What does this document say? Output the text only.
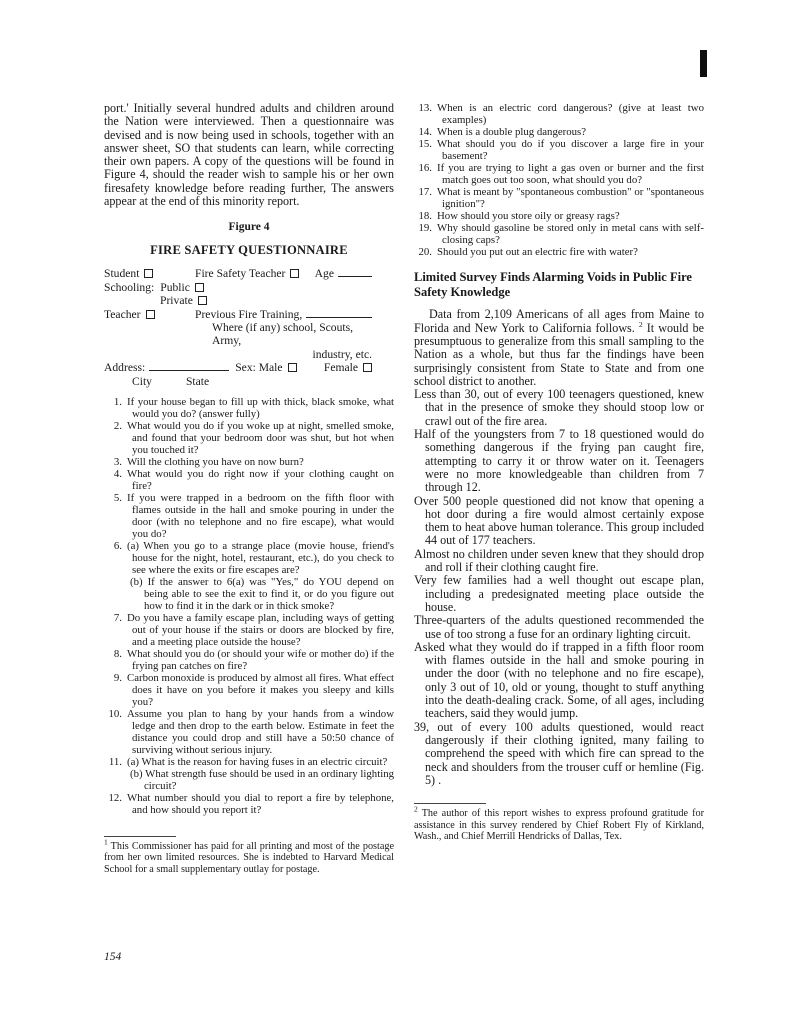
port.' Initially several hundred adults and children around the Nation were interviewed. Then a questionnaire was devised and is now being used in schools, together with an answer sheet, SO that students can learn, while correcting their own papers. A copy of the questions will be found in Figure 4, should the reader wish to sample his or her own firesafety knowledge before reading further, The answers appear at the end of this minority report.

Figure 4
FIRE SAFETY QUESTIONNAIRE
Student	Fire Safety Teacher	Age
Schooling: Public
Private
Teacher	Previous Fire Training,
Where (if any) school, Scouts, Army,
industry, etc.
Address:	Sex: Male	Female
City	State
1. If your house began to fill up with thick, black smoke, what would you do? (answer fully)
2. What would you do if you woke up at night, smelled smoke, and found that your bedroom door was shut, but hot when you touched it?
3. Will the clothing you have on now burn?
4. What would you do right now if your clothing caught on fire?
5. If you were trapped in a bedroom on the fifth floor with flames outside in the hall and smoke pouring in under the door (with no telephone and no fire escape), what would you do?
6. (a) When you go to a strange place (movie house, friend's house for the night, hotel, restaurant, etc.), do you check to see where the exits or fire escapes are?
(b) If the answer to 6(a) was "Yes," do YOU depend on being able to see the exit to find it, or do you figure out how to find it in the dark or in thick smoke?
7. Do you have a family escape plan, including ways of getting out of your house if the stairs or doors are blocked by fire, and a meeting place outside the house?
8. What should you do (or should your wife or mother do) if the frying pan catches on fire?
9. Carbon monoxide is produced by almost all fires. What effect does it have on you before it makes you sleepy and kills you?
10. Assume you plan to hang by your hands from a window ledge and then drop to the earth below. Estimate in feet the distance you could drop and still have a 50:50 chance of surviving without serious injury.
11. (a) What is the reason for having fuses in an electric circuit?
(b) What strength fuse should be used in an ordinary lighting circuit?
12. What number should you dial to report a fire by telephone, and how should you report it?
$^1$ This Commissioner has paid for all printing and most of the postage from her own limited resources. She is indebted to Harvard Medical School for a small supplementary outlay for postage.
13. When is an electric cord dangerous? (give at least two examples)
14. When is a double plug dangerous?
15. What should you do if you discover a large fire in your basement?
16. If you are trying to light a gas oven or burner and the first match goes out too soon, what should you do?
17. What is meant by "spontaneous combustion" or "spontaneous ignition"?
18. How should you store oily or greasy rags?
19. Why should gasoline be stored only in metal cans with self-closing caps?
20. Should you put out an electric fire with water?
Limited Survey Finds Alarming Voids in Public Fire Safety Knowledge

Data from 2,109 Americans of all ages from Maine to Florida and New York to California follows. $^2$ It would be presumptuous to generalize from this small sampling to the Nation as a whole, but thus far the findings have been surprisingly consistent from State to State and from one school district to another.

Less than 30, out of every 100 teenagers questioned, knew that in the presence of smoke they should stoop low or crawl out of the fire area.

Half of the youngsters from 7 to 18 questioned would do something dangerous if the frying pan caught fire, attempting to carry it or throw water on it. Teenagers were no more knowledgeable than children from 7 through 12.

Over 500 people questioned did not know that opening a hot door during a fire would almost certainly expose them to heat above human tolerance. This group included 44 out of 177 teachers.

Almost no children under seven knew that they should drop and roll if their clothing caught fire.

Very few families had a well thought out escape plan, including a predesignated meeting place outside the house.

Three-quarters of the adults questioned recommended the use of too strong a fuse for an ordinary lighting circuit.

Asked what they would do if trapped in a fifth floor room with flames outside in the hall and smoke pouring in under the door (with no telephone and no fire escape), only 3 out of 10, old or young, thought to stuff anything into the death-dealing crack. Some, of all ages, including teachers, said they would jump.

39, out of every 100 adults questioned, would react dangerously if their clothing ignited, many failing to comprehend the speed with which fire can spread to the neck and shoulders from the trouser cuff or hemline (Fig. 5) .

$^2$ The author of this report wishes to express profound gratitude for assistance in this survey rendered by Chief Robert Fly of Kirkland, Wash., and Chief Merrill Hendricks of Dallas, Tex.
154
